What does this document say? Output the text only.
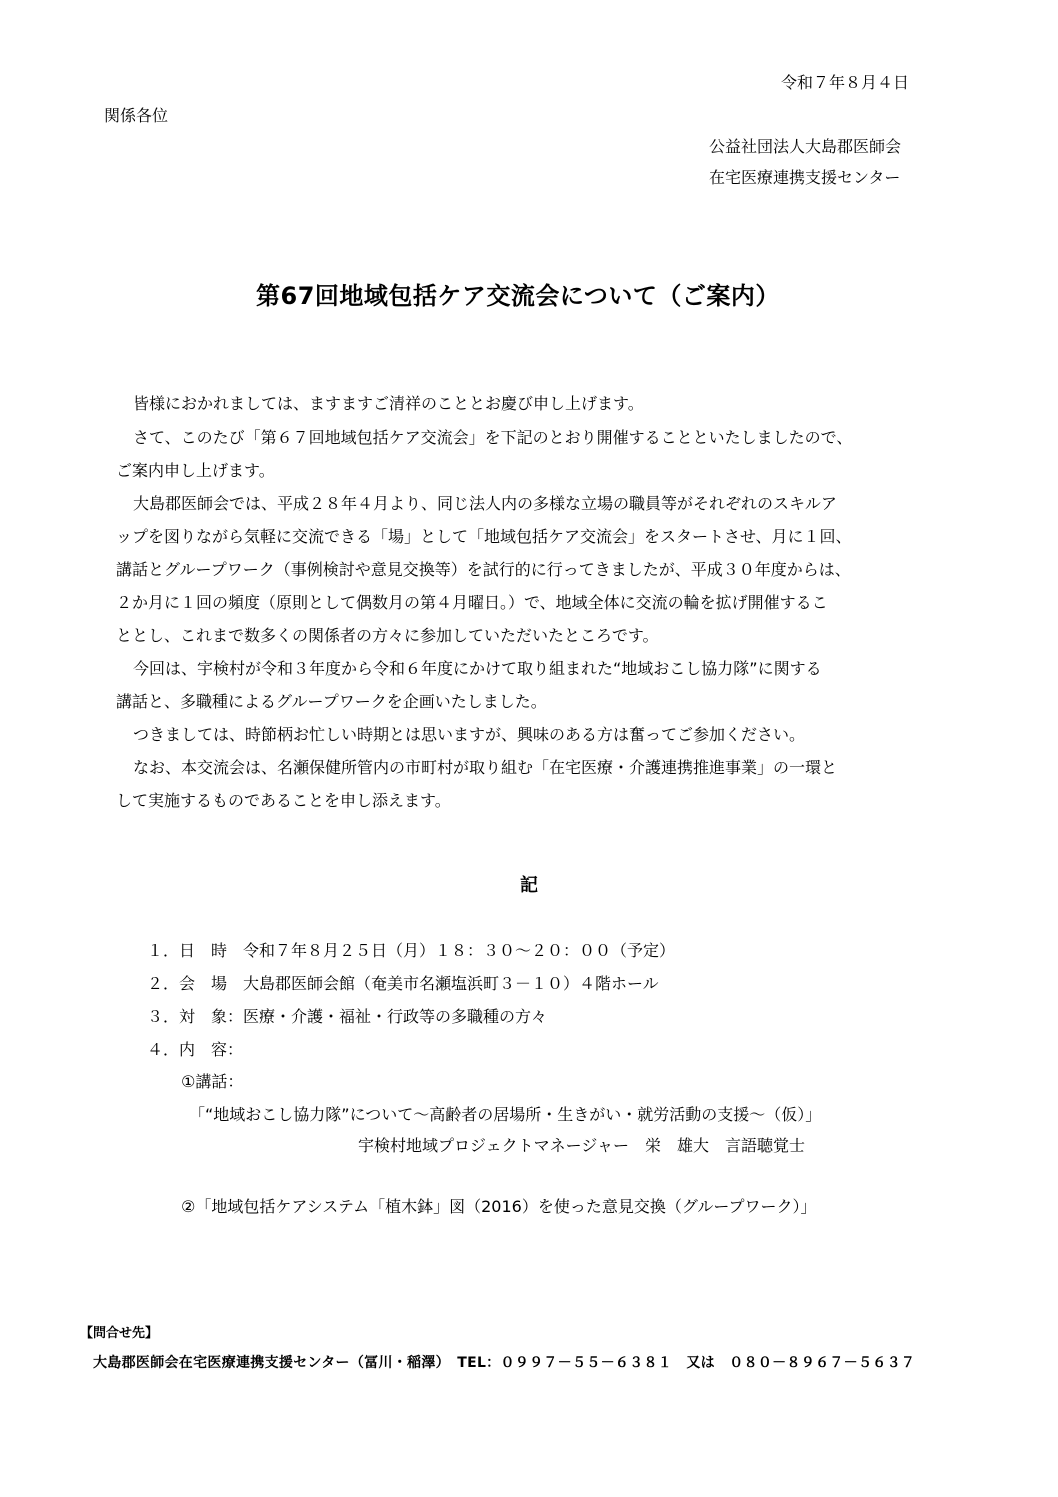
令和７年８月４日
関係各位
公益社団法人大島郡医師会
在宅医療連携支援センター
第67回地域包括ケア交流会について（ご案内）
皆様におかれましては、ますますご清祥のこととお慶び申し上げます。
さて、このたび「第６７回地域包括ケア交流会」を下記のとおり開催することといたしましたので、
ご案内申し上げます。
大島郡医師会では、平成２８年４月より、同じ法人内の多様な立場の職員等がそれぞれのスキルア
ップを図りながら気軽に交流できる「場」として「地域包括ケア交流会」をスタートさせ、月に１回、
講話とグループワーク（事例検討や意見交換等）を試行的に行ってきましたが、平成３０年度からは、
２か月に１回の頻度（原則として偶数月の第４月曜日。）で、地域全体に交流の輪を拡げ開催するこ
ととし、これまで数多くの関係者の方々に参加していただいたところです。
今回は、宇検村が令和３年度から令和６年度にかけて取り組まれた“地域おこし協力隊”に関する
講話と、多職種によるグループワークを企画いたしました。
つきましては、時節柄お忙しい時期とは思いますが、興味のある方は奮ってご参加ください。
なお、本交流会は、名瀬保健所管内の市町村が取り組む「在宅医療・介護連携推進事業」の一環と
して実施するものであることを申し添えます。
記
１．日　時　令和７年８月２５日（月）１８：３０～２０：００（予定）
２．会　場　大島郡医師会館（奄美市名瀬塩浜町３－１０）４階ホール
３．対　象：医療・介護・福祉・行政等の多職種の方々
４．内　容：
①講話：
「“地域おこし協力隊”について～高齢者の居場所・生きがい・就労活動の支援～（仮）」
宇検村地域プロジェクトマネージャー　栄　雄大　言語聴覚士
②「地域包括ケアシステム「植木鉢」図（2016）を使った意見交換（グループワーク）」
【問合せ先】
大島郡医師会在宅医療連携支援センター（冨川・稲澤）　TEL：０９９７－５５－６３８１　又は　０８０－８９６７－５６３７
